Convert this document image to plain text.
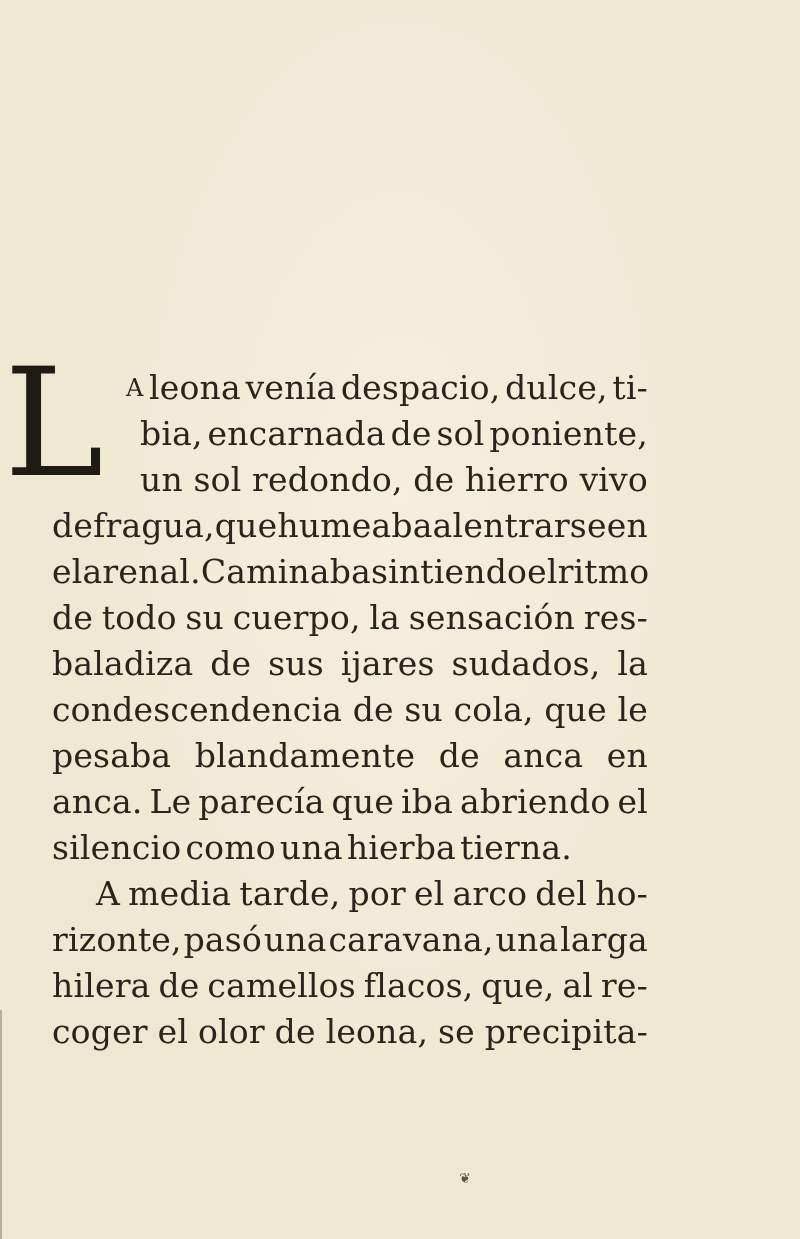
L A leona venía despacio, dulce, ti-
bia, encarnada de sol poniente,
un sol redondo, de hierro vivo
de fragua, que humeaba al entrarse en
el arenal. Caminaba sintiendo el ritmo
de todo su cuerpo, la sensación res-
baladiza de sus ijares sudados, la
condescendencia de su cola, que le
pesaba blandamente de anca en
anca. Le parecía que iba abriendo el
silencio como una hierba tierna.
A media tarde, por el arco del ho-
rizonte, pasó una caravana, una larga
hilera de camellos flacos, que, al re-
coger el olor de leona, se precipita-
❦
